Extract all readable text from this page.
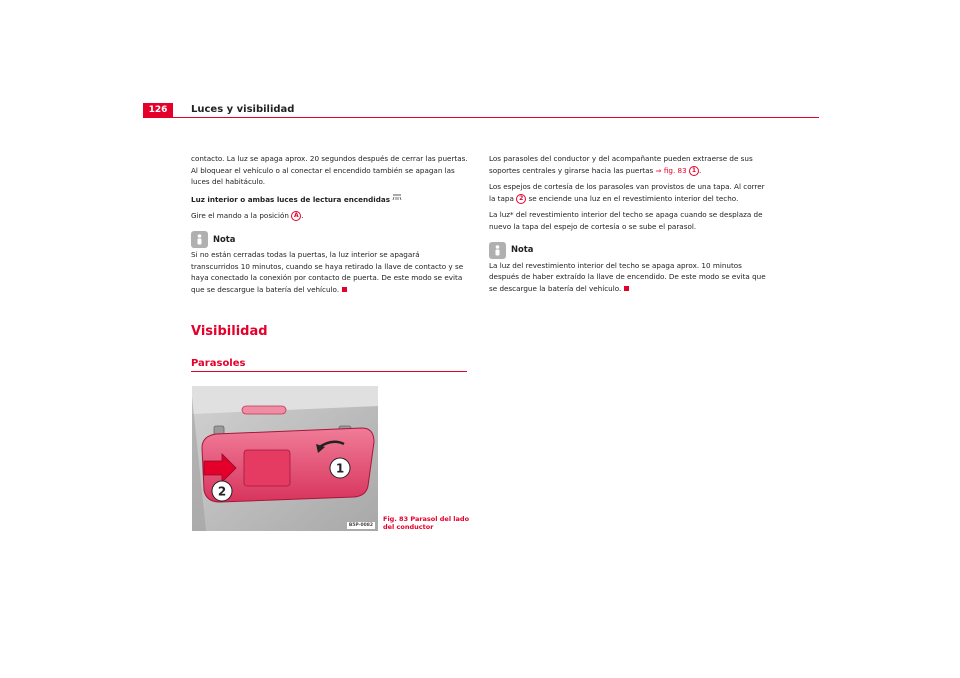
126	Luces y visibilidad

contacto. La luz se apaga aprox. 20 segundos después de cerrar las puertas. Al bloquear el vehículo o al conectar el encendido también se apagan las luces del habitáculo.

Luz interior o ambas luces de lectura encendidas

Gire el mando a la posición A .

Nota

Si no están cerradas todas la puertas, la luz interior se apagará transcurridos 10 minutos, cuando se haya retirado la llave de contacto y se haya conectado la conexión por contacto de puerta. De este modo se evita que se descargue la batería del vehículo.

Visibilidad
Parasoles
1
2
B5P-0082
Fig. 83 Parasol del lado del conductor

Los parasoles del conductor y del acompañante pueden extraerse de sus soportes centrales y girarse hacia las puertas ⇒ fig. 83 1 .

Los espejos de cortesía de los parasoles van provistos de una tapa. Al correr la tapa 2 se enciende una luz en el revestimiento interior del techo.

La luz* del revestimiento interior del techo se apaga cuando se desplaza de nuevo la tapa del espejo de cortesía o se sube el parasol.

Nota

La luz del revestimiento interior del techo se apaga aprox. 10 minutos después de haber extraído la llave de encendido. De este modo se evita que se descargue la batería del vehículo.
